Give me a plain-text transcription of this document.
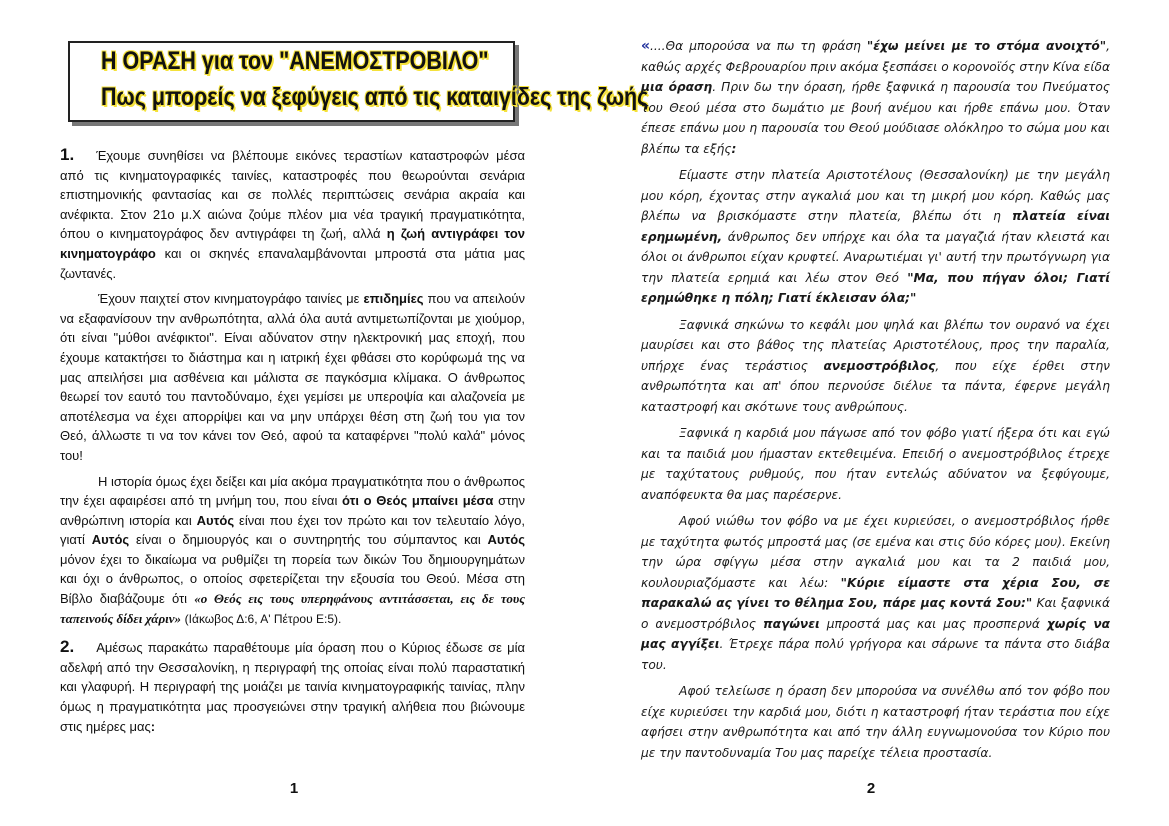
Η ΟΡΑΣΗ για τον "ΑΝΕΜΟΣΤΡΟΒΙΛΟ"
Πως μπορείς να ξεφύγεις από τις καταιγίδες της ζωής

1. Έχουμε συνηθίσει να βλέπουμε εικόνες τεραστίων καταστροφών μέσα από τις κινηματογραφικές ταινίες, καταστροφές που θεωρούνται σενάρια επιστημονικής φαντασίας και σε πολλές περιπτώσεις σενάρια ακραία και ανέφικτα. Στον 21ο μ.Χ αιώνα ζούμε πλέον μια νέα τραγική πραγματικότητα, όπου ο κινηματογράφος δεν αντιγράφει τη ζωή, αλλά η ζωή αντιγράφει τον κινηματογράφο και οι σκηνές επαναλαμβάνονται μπροστά στα μάτια μας ζωντανές.

Έχουν παιχτεί στον κινηματογράφο ταινίες με επιδημίες που να απειλούν να εξαφανίσουν την ανθρωπότητα, αλλά όλα αυτά αντιμετωπίζονται με χιούμορ, ότι είναι "μύθοι ανέφικτοι". Είναι αδύνατον στην ηλεκτρονική μας εποχή, που έχουμε κατακτήσει το διάστημα και η ιατρική έχει φθάσει στο κορύφωμά της να μας απειλήσει μια ασθένεια και μάλιστα σε παγκόσμια κλίμακα. Ο άνθρωπος θεωρεί τον εαυτό του παντοδύναμο, έχει γεμίσει με υπεροψία και αλαζονεία με αποτέλεσμα να έχει απορρίψει και να μην υπάρχει θέση στη ζωή του για τον Θεό, άλλωστε τι να τον κάνει τον Θεό, αφού τα καταφέρνει "πολύ καλά" μόνος του!

Η ιστορία όμως έχει δείξει και μία ακόμα πραγματικότητα που ο άνθρωπος την έχει αφαιρέσει από τη μνήμη του, που είναι ότι ο Θεός μπαίνει μέσα στην ανθρώπινη ιστορία και Αυτός είναι που έχει τον πρώτο και τον τελευταίο λόγο, γιατί Αυτός είναι ο δημιουργός και ο συντηρητής του σύμπαντος και Αυτός μόνον έχει το δικαίωμα να ρυθμίζει τη πορεία των δικών Του δημιουργημάτων και όχι ο άνθρωπος, ο οποίος σφετερίζεται την εξουσία του Θεού. Μέσα στη Βίβλο διαβάζουμε ότι «ο Θεός εις τους υπερηφάνους αντιτάσσεται, εις δε τους ταπεινούς δίδει χάριν» (Ιάκωβος Δ:6, Α' Πέτρου Ε:5).

2. Αμέσως παρακάτω παραθέτουμε μία όραση που ο Κύριος έδωσε σε μία αδελφή από την Θεσσαλονίκη, η περιγραφή της οποίας είναι πολύ παραστατική και γλαφυρή. Η περιγραφή της μοιάζει με ταινία κινηματογραφικής ταινίας, πλην όμως η πραγματικότητα μας προσγειώνει στην τραγική αλήθεια που βιώνουμε στις ημέρες μας:

1

«....Θα μπορούσα να πω τη φράση "έχω μείνει με το στόμα ανοιχτό", καθώς αρχές Φεβρουαρίου πριν ακόμα ξεσπάσει ο κορονοϊός στην Κίνα είδα μια όραση. Πριν δω την όραση, ήρθε ξαφνικά η παρουσία του Πνεύματος του Θεού μέσα στο δωμάτιο με βουή ανέμου και ήρθε επάνω μου. Όταν έπεσε επάνω μου η παρουσία του Θεού μούδιασε ολόκληρο το σώμα μου και βλέπω τα εξής:

Είμαστε στην πλατεία Αριστοτέλους (Θεσσαλονίκη) με την μεγάλη μου κόρη, έχοντας στην αγκαλιά μου και τη μικρή μου κόρη. Καθώς μας βλέπω να βρισκόμαστε στην πλατεία, βλέπω ότι η πλατεία είναι ερημωμένη, άνθρωπος δεν υπήρχε και όλα τα μαγαζιά ήταν κλειστά και όλοι οι άνθρωποι είχαν κρυφτεί. Αναρωτιέμαι γι' αυτή την πρωτόγνωρη για την πλατεία ερημιά και λέω στον Θεό "Μα, που πήγαν όλοι; Γιατί ερημώθηκε η πόλη; Γιατί έκλεισαν όλα;"

Ξαφνικά σηκώνω το κεφάλι μου ψηλά και βλέπω τον ουρανό να έχει μαυρίσει και στο βάθος της πλατείας Αριστοτέλους, προς την παραλία, υπήρχε ένας τεράστιος ανεμοστρόβιλος, που είχε έρθει στην ανθρωπότητα και απ' όπου περνούσε διέλυε τα πάντα, έφερνε μεγάλη καταστροφή και σκότωνε τους ανθρώπους.

Ξαφνικά η καρδιά μου πάγωσε από τον φόβο γιατί ήξερα ότι και εγώ και τα παιδιά μου ήμασταν εκτεθειμένα. Επειδή ο ανεμοστρόβιλος έτρεχε με ταχύτατους ρυθμούς, που ήταν εντελώς αδύνατον να ξεφύγουμε, αναπόφευκτα θα μας παρέσερνε.

Αφού νιώθω τον φόβο να με έχει κυριεύσει, ο ανεμοστρόβιλος ήρθε με ταχύτητα φωτός μπροστά μας (σε εμένα και στις δύο κόρες μου). Εκείνη την ώρα σφίγγω μέσα στην αγκαλιά μου και τα 2 παιδιά μου, κουλουριαζόμαστε και λέω: "Κύριε είμαστε στα χέρια Σου, σε παρακαλώ ας γίνει το θέλημα Σου, πάρε μας κοντά Σου:" Και ξαφνικά ο ανεμοστρόβιλος παγώνει μπροστά μας και μας προσπερνά χωρίς να μας αγγίξει. Έτρεχε πάρα πολύ γρήγορα και σάρωνε τα πάντα στο διάβα του.

Αφού τελείωσε η όραση δεν μπορούσα να συνέλθω από τον φόβο που είχε κυριεύσει την καρδιά μου, διότι η καταστροφή ήταν τεράστια που είχε αφήσει στην ανθρωπότητα και από την άλλη ευγνωμονούσα τον Κύριο που με την παντοδυναμία Του μας παρείχε τέλεια προστασία.

2
